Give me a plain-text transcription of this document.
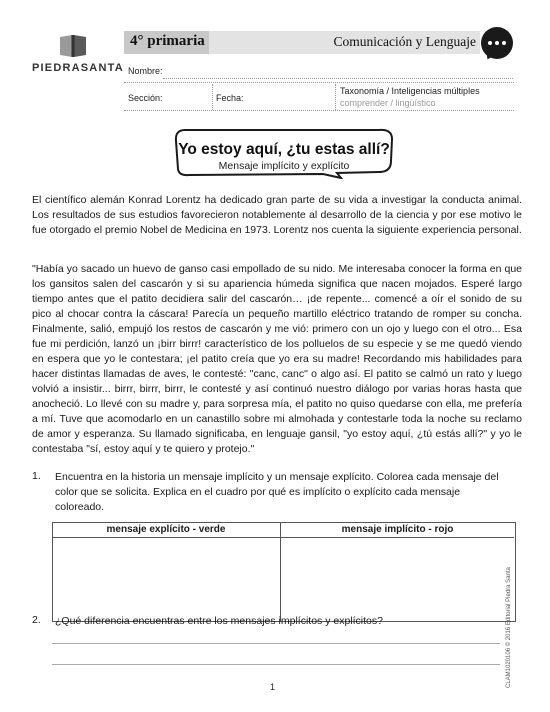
PIEDRASANTA
4° primaria	Comunicación y Lenguaje
Nombre:
Sección:	Fecha:
Taxonomía / Inteligencias múltiples
comprender / lingüístico
Yo estoy aquí, ¿tu estas allí?
Mensaje implícito y explícito
El científico alemán Konrad Lorentz ha dedicado gran parte de su vida a investigar la conducta animal. Los resultados de sus estudios favorecieron notablemente al desarrollo de la ciencia y por ese motivo le fue otorgado el premio Nobel de Medicina en 1973. Lorentz nos cuenta la siguiente experiencia personal.
"Había yo sacado un huevo de ganso casi empollado de su nido. Me interesaba conocer la forma en que los gansitos salen del cascarón y si su apariencia húmeda significa que nacen mojados. Esperé largo tiempo antes que el patito decidiera salir del cascarón… ¡de repente... comencé a oír el sonido de su pico al chocar contra la cáscara! Parecía un pequeño martillo eléctrico tratando de romper su concha. Finalmente, salió, empujó los restos de cascarón y me vió: primero con un ojo y luego con el otro... Esa fue mi perdición, lanzó un ¡birr birrr! característico de los polluelos de su especie y se me quedó viendo en espera que yo le contestara; ¡el patito creía que yo era su madre! Recordando mis habilidades para hacer distintas llamadas de aves, le contesté: "canc, canc" o algo así. El patito se calmó un rato y luego volvió a insistir... birrr, birrr, birrr, le contesté y así continuó nuestro diálogo por varias horas hasta que anocheció. Lo llevé con su madre y, para sorpresa mía, el patito no quiso quedarse con ella, me prefería a mí. Tuve que acomodarlo en un canastillo sobre mi almohada y contestarle toda la noche su reclamo de amor y esperanza. Su llamado significaba, en lenguaje gansil, "yo estoy aquí, ¿tú estás allí?" y yo le contestaba "sí, estoy aquí y te quiero y protejo."
1. Encuentra en la historia un mensaje implícito y un mensaje explícito. Colorea cada mensaje del color que se solicita. Explica en el cuadro por qué es implícito o explícito cada mensaje coloreado.
mensaje explícito - verde	mensaje implícito - rojo
2. ¿Qué diferencia encuentras entre los mensajes implícitos y explícitos?
1	CLAM1020106 © 2016 Editorial Piedra Santa
